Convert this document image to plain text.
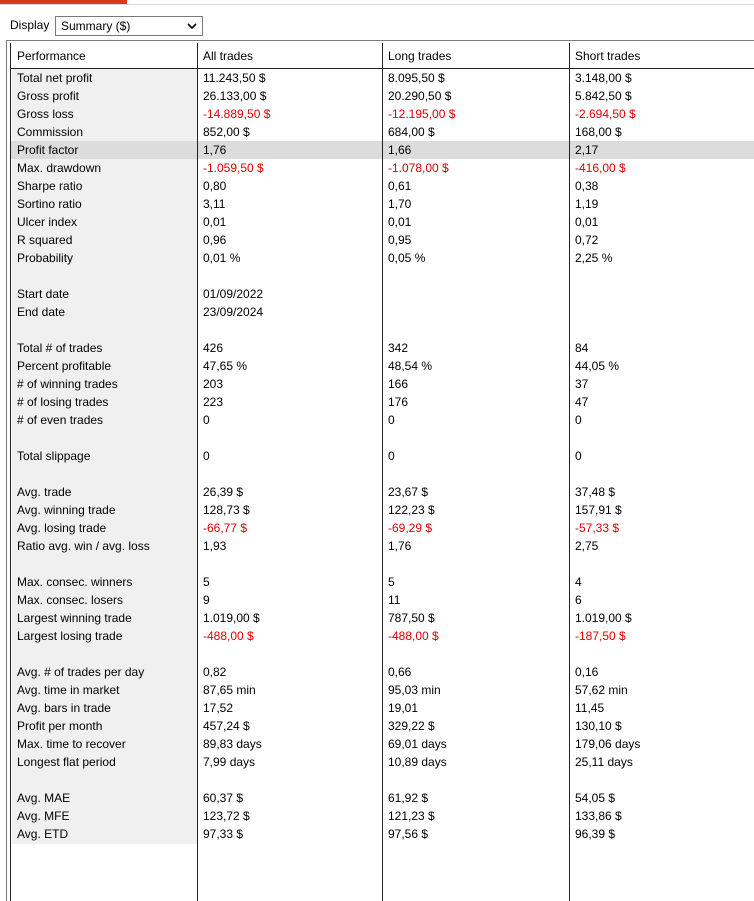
Display Summary ($)
Performance	All trades	Long trades	Short trades
Total net profit	11.243,50 $	8.095,50 $	3.148,00 $
Gross profit	26.133,00 $	20.290,50 $	5.842,50 $
Gross loss	-14.889,50 $	-12.195,00 $	-2.694,50 $
Commission	852,00 $	684,00 $	168,00 $
Profit factor	1,76	1,66	2,17
Max. drawdown	-1.059,50 $	-1.078,00 $	-416,00 $
Sharpe ratio	0,80	0,61	0,38
Sortino ratio	3,11	1,70	1,19
Ulcer index	0,01	0,01	0,01
R squared	0,96	0,95	0,72
Probability	0,01 %	0,05 %	2,25 %
Start date	01/09/2022
End date	23/09/2024
Total # of trades	426	342	84
Percent profitable	47,65 %	48,54 %	44,05 %
# of winning trades	203	166	37
# of losing trades	223	176	47
# of even trades	0	0	0
Total slippage	0	0	0
Avg. trade	26,39 $	23,67 $	37,48 $
Avg. winning trade	128,73 $	122,23 $	157,91 $
Avg. losing trade	-66,77 $	-69,29 $	-57,33 $
Ratio avg. win / avg. loss	1,93	1,76	2,75
Max. consec. winners	5	5	4
Max. consec. losers	9	11	6
Largest winning trade	1.019,00 $	787,50 $	1.019,00 $
Largest losing trade	-488,00 $	-488,00 $	-187,50 $
Avg. # of trades per day	0,82	0,66	0,16
Avg. time in market	87,65 min	95,03 min	57,62 min
Avg. bars in trade	17,52	19,01	11,45
Profit per month	457,24 $	329,22 $	130,10 $
Max. time to recover	89,83 days	69,01 days	179,06 days
Longest flat period	7,99 days	10,89 days	25,11 days
Avg. MAE	60,37 $	61,92 $	54,05 $
Avg. MFE	123,72 $	121,23 $	133,86 $
Avg. ETD	97,33 $	97,56 $	96,39 $
